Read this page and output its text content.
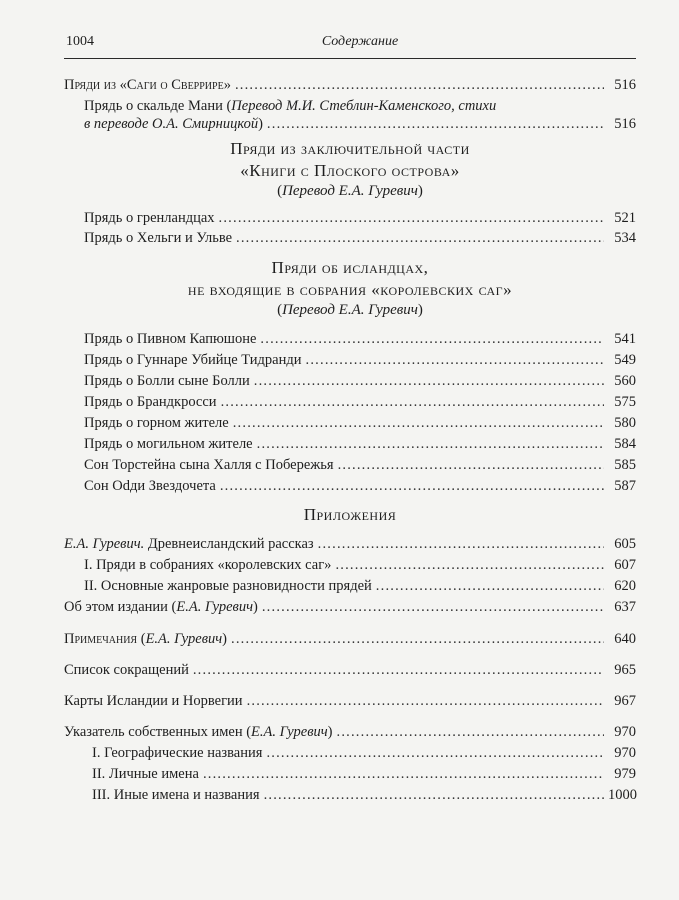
1004	Содержание
Пряди из «Саги о Сверрире» .....	516
Прядь о скальде Мани (Перевод М.И. Стеблин-Каменского, стихи
в переводе О.А. Смирницкой) .....	516
Пряди из заключительной части
«Книги с Плоского острова»
(Перевод Е.А. Гуревич)
Прядь о гренландцах .....	521
Прядь о Хельги и Ульве .....	534
Пряди об исландцах,
не входящие в собрания «королевских саг»
(Перевод Е.А. Гуревич)
Прядь о Пивном Капюшоне .....	541
Прядь о Гуннаре Убийце Тидранди .....	549
Прядь о Болли сыне Болли .....	560
Прядь о Брандкросси .....	575
Прядь о горном жителе .....	580
Прядь о могильном жителе .....	584
Сон Торстейна сына Халля с Побережья .....	585
Сон Odди Звездочета .....	587
Приложения
Е.А. Гуревич. Древнеисландский рассказ .....	605
I. Пряди в собраниях «королевских саг» .....	607
II. Основные жанровые разновидности прядей .....	620
Об этом издании (Е.А. Гуревич) .....	637
Примечания (Е.А. Гуревич) .....	640
Список сокращений .....	965
Карты Исландии и Норвегии .....	967
Указатель собственных имен (Е.А. Гуревич) .....	970
I. Географические названия .....	970
II. Личные имена .....	979
III. Иные имена и названия .....	1000
